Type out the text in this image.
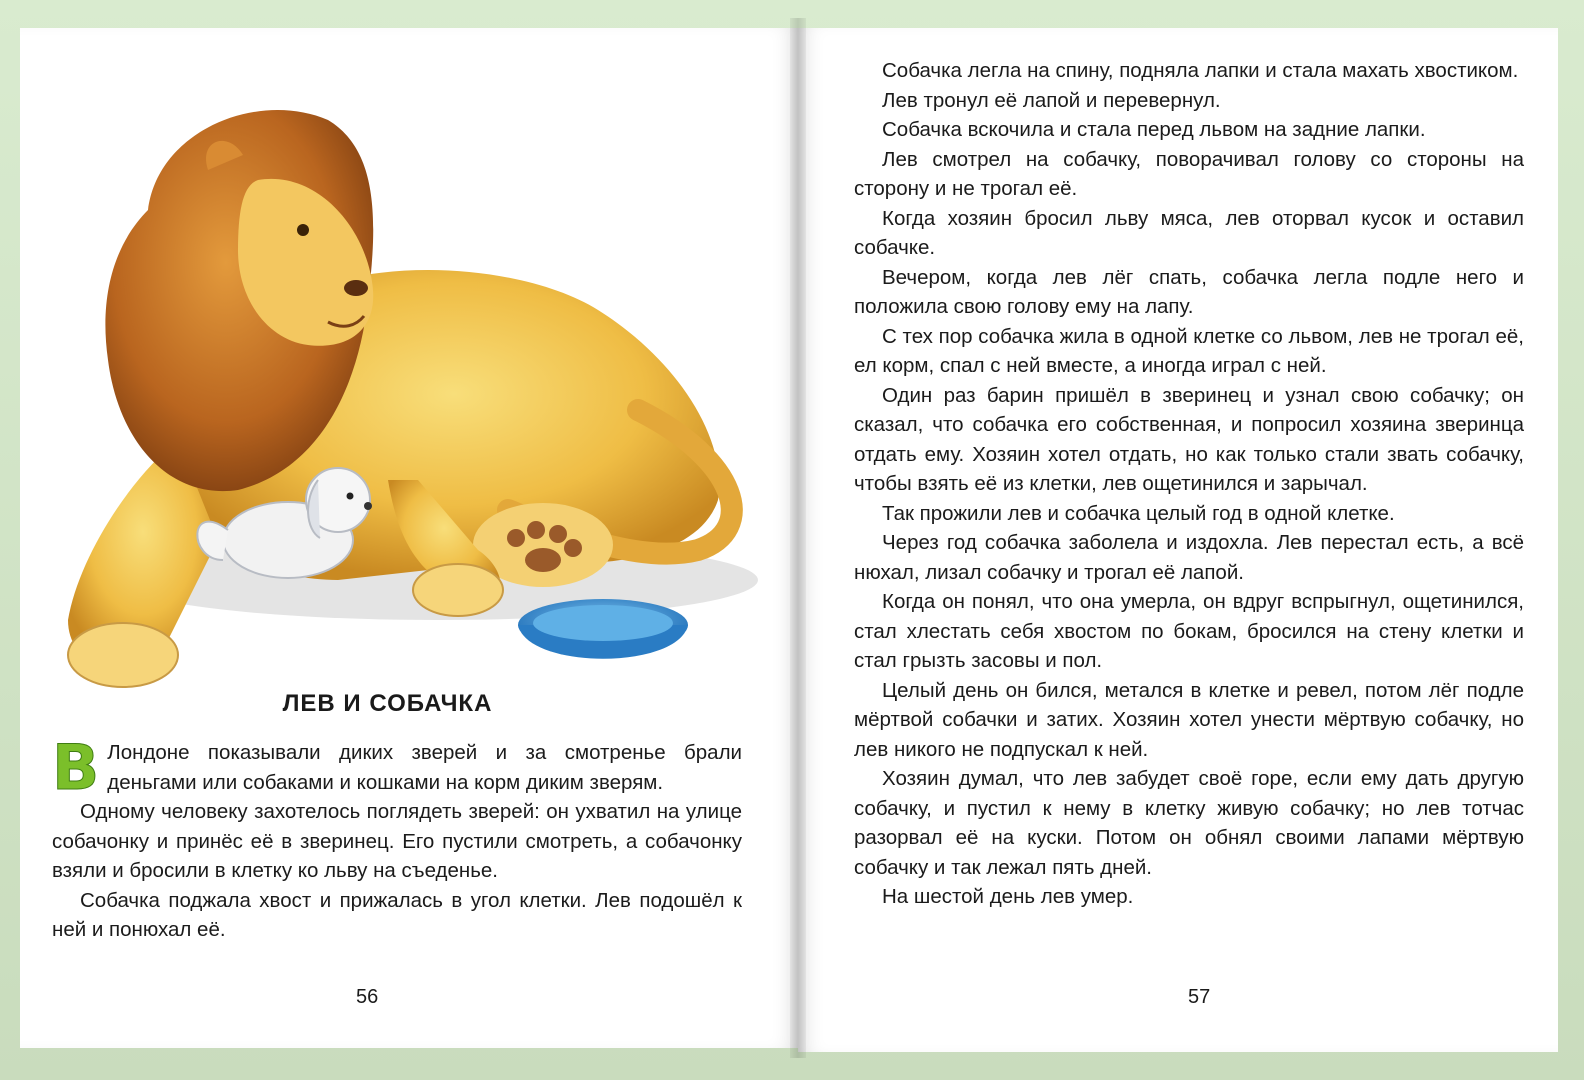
ЛЕВ И СОБАЧКА

В Лондоне показывали диких зверей и за смотренье брали деньгами или собаками и кошками на корм диким зверям.

Одному человеку захотелось поглядеть зверей: он ухватил на улице собачонку и принёс её в зверинец. Его пустили смотреть, а собачонку взяли и бросили в клетку ко льву на съеденье.

Собачка поджала хвост и прижалась в угол клетки. Лев подошёл к ней и понюхал её.

56

Собачка легла на спину, подняла лапки и стала махать хвостиком.

Лев тронул её лапой и перевернул.

Собачка вскочила и стала перед львом на задние лапки.

Лев смотрел на собачку, поворачивал голову со стороны на сторону и не трогал её.

Когда хозяин бросил льву мяса, лев оторвал кусок и оставил собачке.

Вечером, когда лев лёг спать, собачка легла подле него и положила свою голову ему на лапу.

С тех пор собачка жила в одной клетке со львом, лев не трогал её, ел корм, спал с ней вместе, а иногда играл с ней.

Один раз барин пришёл в зверинец и узнал свою собачку; он сказал, что собачка его собственная, и попросил хозяина зверинца отдать ему. Хозяин хотел отдать, но как только стали звать собачку, чтобы взять её из клетки, лев ощетинился и зарычал.

Так прожили лев и собачка целый год в одной клетке.

Через год собачка заболела и издохла. Лев перестал есть, а всё нюхал, лизал собачку и трогал её лапой.

Когда он понял, что она умерла, он вдруг вспрыгнул, ощетинился, стал хлестать себя хвостом по бокам, бросился на стену клетки и стал грызть засовы и пол.

Целый день он бился, метался в клетке и ревел, потом лёг подле мёртвой собачки и затих. Хозяин хотел унести мёртвую собачку, но лев никого не подпускал к ней.

Хозяин думал, что лев забудет своё горе, если ему дать другую собачку, и пустил к нему в клетку живую собачку; но лев тотчас разорвал её на куски. Потом он обнял своими лапами мёртвую собачку и так лежал пять дней.

На шестой день лев умер.

57
